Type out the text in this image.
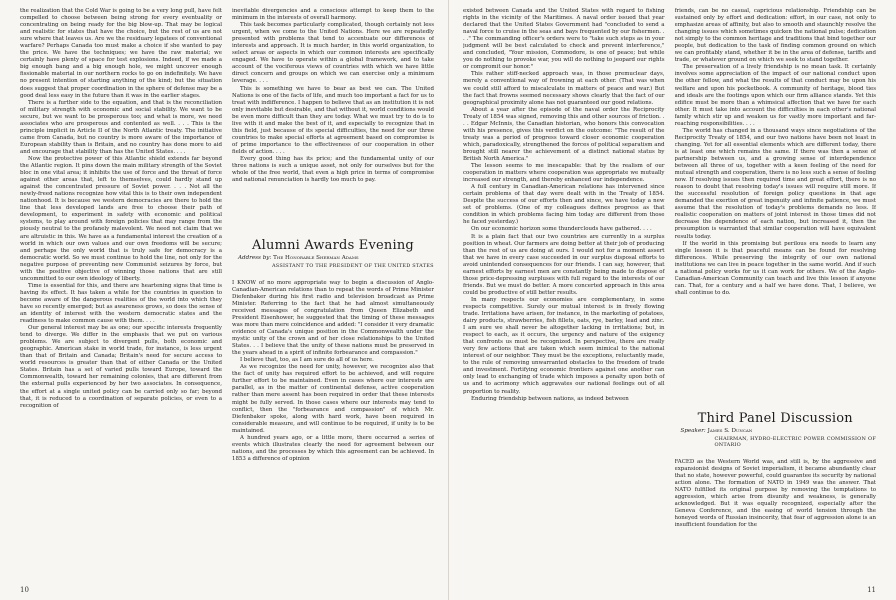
the realization that the Cold War is going to be a very long pull, have felt compelled to choose between being strong for every eventuality or concentrating on being ready for the big blow-up. That may be logical and realistic for states that have the choice, but the rest of us are not sure where that leaves us. Are we the residuary legatees of conventional warfare? Perhaps Canada too must make a choice if she wanted to pay the price. We have the techniques; we have the raw material; we certainly have plenty of space for test explosions. Indeed, if we made a big enough bang and a big enough hole, we might uncover enough fissionable material in our northern rocks to go on indefinitely. We have no present intention of starting anything of the kind; but the situation does suggest that proper coordination in the sphere of defense may be a good deal less easy in the future than it was in the earlier stages.

There is a further side to the equation, and that is the reconciliation of military strength with economic and social stability. We want to be secure, but we want to be prosperous too; and what is more, we need associates who are prosperous and contented as well. . . . This is the principle implicit in Article II of the North Atlantic treaty. The initiative came from Canada, but no country is more aware of the importance of European stability than is Britain, and no country has done more to aid and encourage that stability than has the United States. . . .

Now the protective power of this Atlantic shield extends far beyond the Atlantic region. It pins down the main military strength of the Soviet bloc in one vital area; it inhibits the use of force and the threat of force against other areas that, left to themselves, could hardly stand up against the concentrated pressure of Soviet power. . . . Not all the newly-freed nations recognize how vital this is to their own independent nationhood. It is because we western democracies are there to hold the line that less developed lands are free to choose their path of development, to experiment in safety with economic and political systems, to play around with foreign policies that may range from the piously neutral to the profanely malevolent. We need not claim that we are altruistic in this. We have as a fundamental interest the creation of a world in which our own values and our own freedoms will be secure; and perhaps the only world that is truly safe for democracy is a democratic world. So we must continue to hold the line, not only for the negative purpose of preventing new Communist seizures by force, but with the positive objective of winning those nations that are still uncommitted to our own ideology of liberty.

Time is essential for this, and there are heartening signs that time is having its effect. It has taken a while for the countries in question to become aware of the dangerous realities of the world into which they have so recently emerged; but as awareness grows, so does the sense of an identity of interest with the western democratic states and the readiness to make common cause with them. . . .

Our general interest may be as one; our specific interests frequently tend to diverge. We differ in the emphasis that we put on various problems. We are subject to divergent pulls, both economic and geographic. American stake in world trade, for instance, is less urgent than that of Britain and Canada; Britain's need for secure access to world resources is greater than that of either Canada or the United States. Britain has a set of varied pulls toward Europe, toward the Commonwealth, toward her remaining colonies, that are different from the external pulls experienced by her two associates. In consequence, the effort at a single united policy can be carried only so far; beyond that, it is reduced to a coordination of separate policies, or even to a recognition of

inevitable divergencies and a conscious attempt to keep them to the minimum in the interests of overall harmony.

This task becomes particularly complicated, though certainly not less urgent, when we come to the United Nations. Here we are repeatedly presented with problems that tend to accentuate our differences of interests and approach. It is much harder, in this world organization, to select areas or aspects in which our common interests are specifically engaged. We have to operate within a global framework, and to take account of the vociferous views of countries with which we have little direct concern and groups on which we can exercise only a minimum leverage. . . .

This is something we have to bear as best we can. The United Nations is one of the facts of life, and much too important a fact for us to treat with indifference. I happen to believe that as an institution it is not only inevitable but desirable, and that without it, world conditions would be even more difficult than they are today. What we must try to do is to live with it and make the best of it, and especially to recognize that in this field, just because of its special difficulties, the need for our three countries to make special efforts at agreement based on compromise is of prime importance to the effectiveness of our cooperation in other fields of action. . . .

Every good thing has its price; and the fundamental unity of our three nations is such a unique asset, not only for ourselves but for the whole of the free world, that even a high price in terms of compromise and national renunciation is hardly too much to pay.

Alumni Awards Evening
Address by: The Honorable Sherman Adams
ASSISTANT TO THE PRESIDENT OF THE UNITED STATES

I KNOW of no more appropriate way to begin a discussion of Anglo-Canadian-American relations than to repeat the words of Prime Minister Diefenbaker during his first radio and television broadcast as Prime Minister. Referring to the fact that he had almost simultaneously received messages of congratulation from Queen Elizabeth and President Eisenhower, he suggested that the timing of these messages was more than mere coincidence and added: "I consider it very dramatic evidence of Canada's unique position in the Commonwealth under the mystic unity of the crown and of her close relationships to the United States. . . I believe that the unity of these nations must be preserved in the years ahead in a spirit of infinite forbearance and compassion."

I believe that, too, as I am sure do all of us here.

As we recognize the need for unity, however, we recognize also that the fact of unity has required effort to be achieved, and will require further effort to be maintained. Even in cases where our interests are parallel, as in the matter of continental defense, active cooperation rather than mere assent has been required in order that these interests might be fully served. In those cases where our interests may tend to conflict, then the "forbearance and compassion" of which Mr. Diefenbaker spoke, along with hard work, have been required in considerable measure, and will continue to be required, if unity is to be maintained.

A hundred years ago, or a little more, there occurred a series of events which illustrates clearly the need for agreement between our nations, and the processes by which this agreement can be achieved. In 1853 a difference of opinion

10

existed between Canada and the United States with regard to fishing rights in the vicinity of the Maritimes. A naval order issued that year declared that the United States Government had "concluded to send a naval force to cruise in the seas and bays frequented by our fishermen. . . ." The commanding officer's orders were to "take such steps as in your judgment will be best calculated to check and prevent interference," and concluded, "Your mission, Commodore, is one of peace; but while you do nothing to provoke war, you will do nothing to jeopard our rights or compromit our honor."

This rather stiff-necked approach was, in those premuclear days, merely a conventional way of frowning at each other. (That was when we could still afford to miscalculate in matters of peace and war.) But the fact that frowns seemed necessary shows clearly that the fact of our geographical proximity alone has not guaranteed our good relations.

About a year after the episode of the naval order the Reciprocity Treaty of 1854 was signed, removing this and other sources of friction. . . . Edgar McInnis, the Canadian historian, who honors this convocation with his presence, gives this verdict on the outcome: "The result of the treaty was a period of progress toward closer economic cooperation which, paradoxically, strengthened the forces of political separatism and brought still nearer the achievement of a distinct national status by British North America."

The lesson seems to me inescapable: that by the realism of our cooperation in matters where cooperation was appropriate we mutually increased our strength, and thereby enhanced our independence.

A full century in Canadian-American relations has intervened since certain problems of that day were dealt with in the Treaty of 1854. Despite the success of our efforts then and since, we have today a new set of problems. (One of my colleagues defines progress as that condition in which problems facing him today are different from those he faced yesterday.)

On our economic horizon some thunderclouds have gathered. . . .

It is a plain fact that our two countries are currently in a surplus position in wheat. Our farmers are doing better at their job of producing than the rest of us are doing at ours. I would not for a moment assert that we have in every case succeeded in our surplus disposal efforts to avoid unintended consequences for our friends. I can say, however, that earnest efforts by earnest men are constantly being made to dispose of those price-depressing surpluses with full regard to the interests of our friends. But we must do better. A more concerted approach in this area could be productive of still better results.

In many respects our economies are complementary, in some respects competitive. Surely our mutual interest is in freely flowing trade. Irritations have arisen, for instance, in the marketing of potatoes, dairy products, strawberries, fish fillets, oats, rye, barley, lead and zinc. I am sure we shall never be altogether lacking in irritations; but, in respect to each, as it occurs, the urgency and nature of the exigency that confronts us must be recognized. In perspective, there are really very few actions that are taken which seem inimical to the national interest of our neighbor. They must be the exceptions, reluctantly made, to the rule of removing unwarranted obstacles to the freedom of trade and investment. Fortifying economic frontiers against one another can only lead to exchanging of trade which imposes a penalty upon both of us and to acrimony which aggravates our national feelings out of all proportion to reality.

Enduring friendship between nations, as indeed between

friends, can be no casual, capricious relationship. Friendship can be sustained only by effort and dedication: effort, in our case, not only to emphasize areas of affinity, but also to smooth and staunchly resolve the changing issues which sometimes quicken the national pulse; dedication not simply to the common heritage and traditions that bind together our people, but dedication to the task of finding common ground on which we can profitably stand, whether it be in the area of defense, tariffs and trade, or whatever ground on which we seek to stand together.

The preservation of a lively friendship is no mean task. It certainly involves some appreciation of the impact of our national conduct upon the other fellow, and what the results of that conduct may be upon his welfare and upon his pocketbook. A community of heritage, blood ties and ideals are the footings upon which our firm alliance stands. Yet this edifice must be more than a whimsical affection that we have for each other. It must take into account the difficulties in each other's national family which stir up and weaken us for vastly more important and far-reaching responsibilities. . . .

The world has changed in a thousand ways since negotiations of the Reciprocity Treaty of 1854, and our two nations have been not least in changing. Yet for all essential elements which are different today, there is at least one which remains the same. If there was then a sense of partnership between us, and a growing sense of interdependence between all three of us, together with a keen feeling of the need for mutual strength and cooperation, there is no less such a sense of feeling now. If resolving issues then required time and great effort, there is no reason to doubt that resolving today's issues will require still more. If the successful resolution of foreign policy questions in that age demanded the exertion of great ingenuity and infinite patience, we must assume that the resolution of today's problems demands no less. If realistic cooperation on matters of joint interest in those times did not decrease the dependence of each nation, but increased it, then the presumption is warranted that similar cooperation will have equivalent results today.

If the world in this promising but perilous era needs to learn any single lesson it is that peaceful means can be found for resolving differences. While preserving the integrity of our own national institutions we can live in peace together in the same world. And if such a national policy works for us it can work for others. We of the Anglo-Canadian-American Community can teach and live this lesson if anyone can. That, for a century and a half we have done. That, I believe, we shall continue to do.

Third Panel Discussion
Speaker: James S. Duncan
CHAIRMAN, HYDRO-ELECTRIC POWER COMMISSION OF ONTARIO

FACED as the Western World was, and still is, by the aggressive and expansionist designs of Soviet imperialism, it became abundantly clear that no state, however powerful, could guarantee its security by national action alone. The formation of NATO in 1949 was the answer. That NATO fulfilled its original purpose by removing the temptations to aggression, which arise from disunity and weakness, is generally acknowledged. But it was equally recognized, especially after the Geneva Conference, and the easing of world tension through the honeyed words of Russian insincerity, that fear of aggression alone is an insufficient foundation for the

11
